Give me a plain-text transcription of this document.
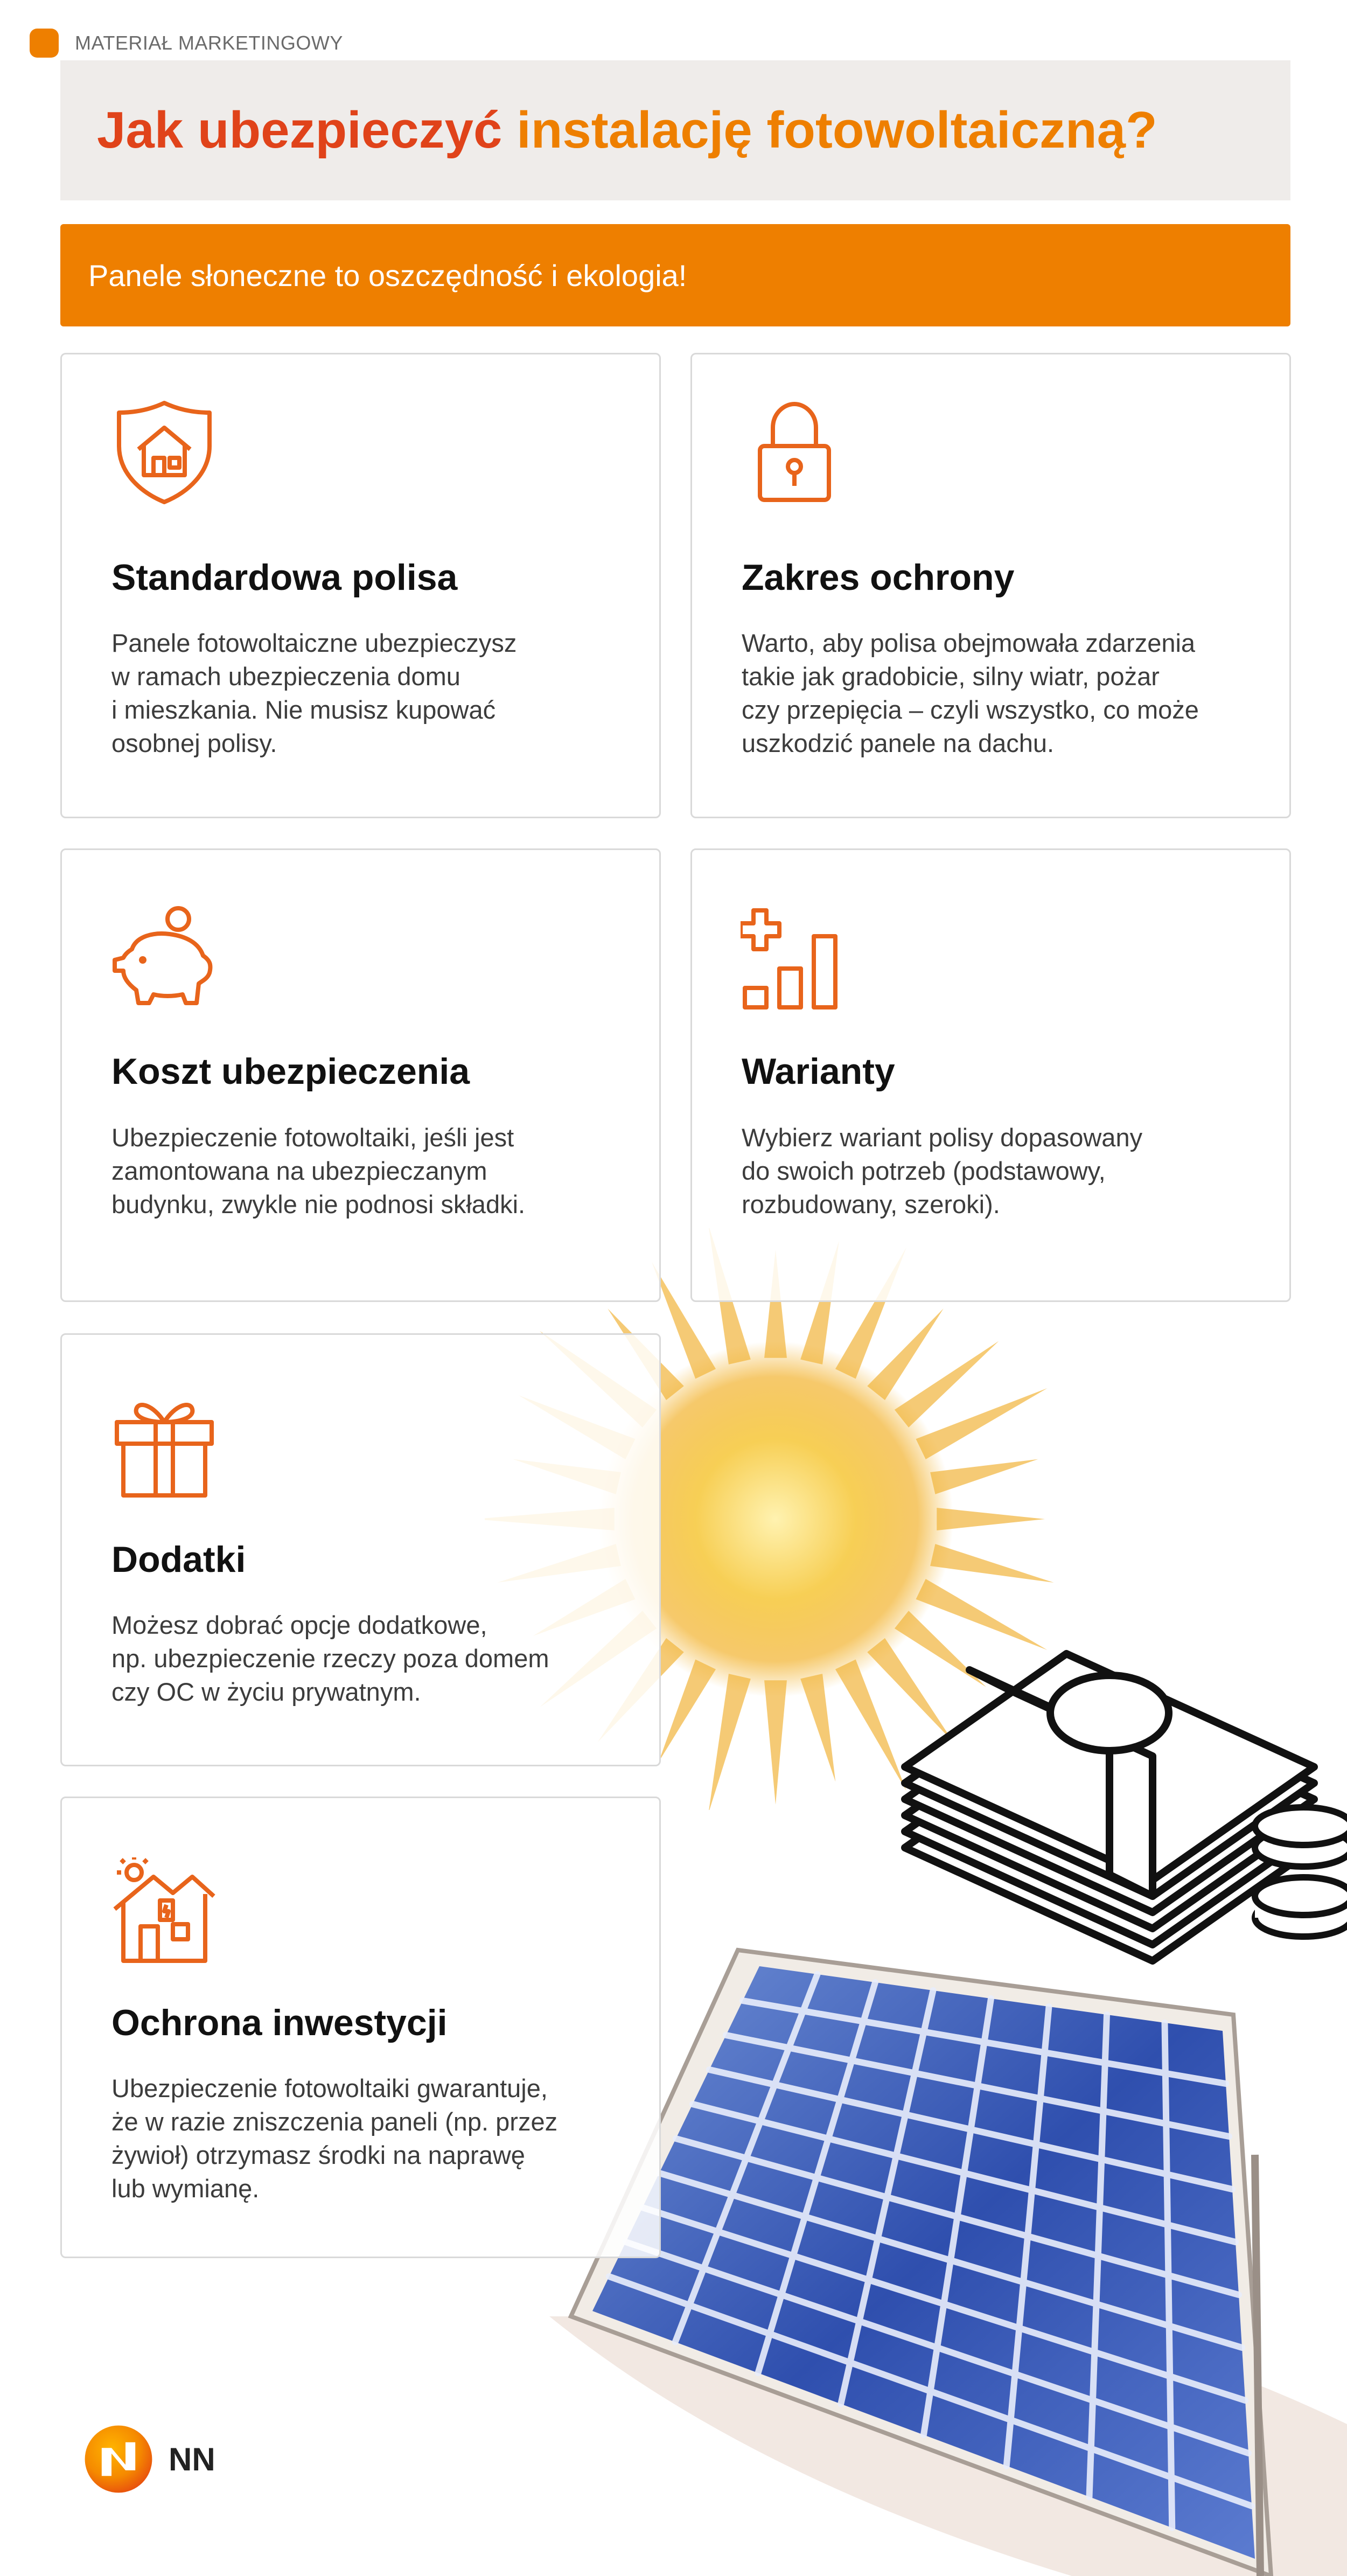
MATERIAŁ MARKETINGOWY
Jak ubezpieczyć instalację fotowoltaiczną?
Panele słoneczne to oszczędność i ekologia!
Standardowa polisa

Panele fotowoltaiczne ubezpieczysz
w ramach ubezpieczenia domu
i mieszkania. Nie musisz kupować
osobnej polisy.

Zakres ochrony

Warto, aby polisa obejmowała zdarzenia
takie jak gradobicie, silny wiatr, pożar
czy przepięcia – czyli wszystko, co może
uszkodzić panele na dachu.

Koszt ubezpieczenia

Ubezpieczenie fotowoltaiki, jeśli jest
zamontowana na ubezpieczanym
budynku, zwykle nie podnosi składki.

Warianty

Wybierz wariant polisy dopasowany
do swoich potrzeb (podstawowy,
rozbudowany, szeroki).

Dodatki

Możesz dobrać opcje dodatkowe,
np. ubezpieczenie rzeczy poza domem
czy OC w życiu prywatnym.

Ochrona inwestycji

Ubezpieczenie fotowoltaiki gwarantuje,
że w razie zniszczenia paneli (np. przez
żywioł) otrzymasz środki na naprawę
lub wymianę.

NN
